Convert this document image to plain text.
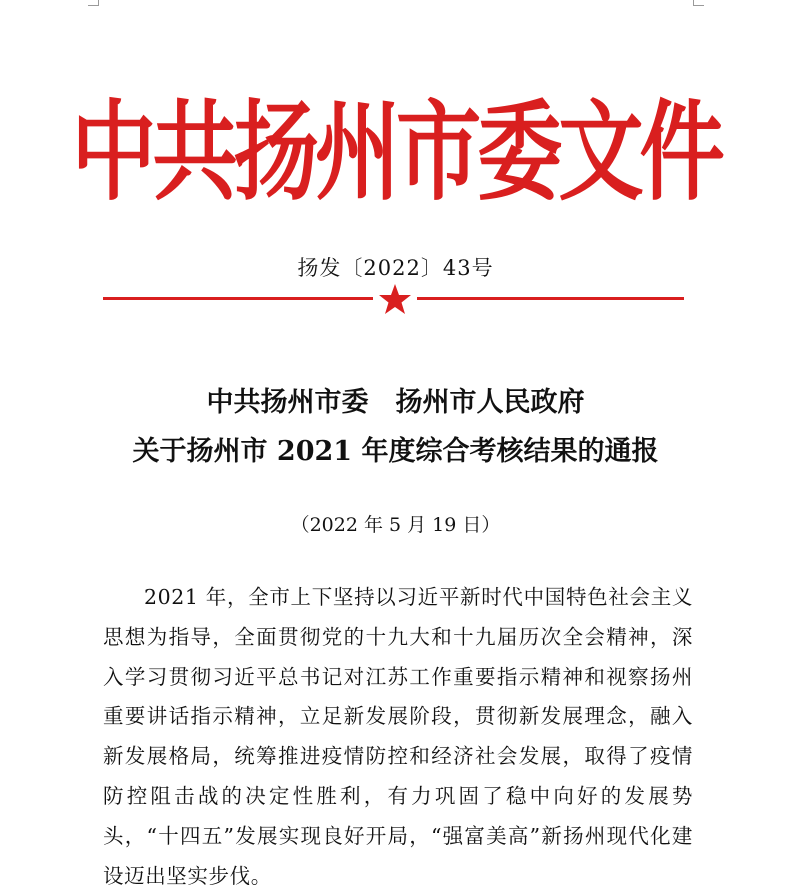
中共扬州市委文件
扬发〔2022〕43号
中共扬州市委　扬州市人民政府
关于扬州市 2021 年度综合考核结果的通报
（2022 年 5 月 19 日）

2021 年，全市上下坚持以习近平新时代中国特色社会主义思想为指导，全面贯彻党的十九大和十九届历次全会精神，深入学习贯彻习近平总书记对江苏工作重要指示精神和视察扬州重要讲话指示精神，立足新发展阶段，贯彻新发展理念，融入新发展格局，统筹推进疫情防控和经济社会发展，取得了疫情防控阻击战的决定性胜利，有力巩固了稳中向好的发展势头，“十四五”发展实现良好开局，“强富美高”新扬州现代化建设迈出坚实步伐。
